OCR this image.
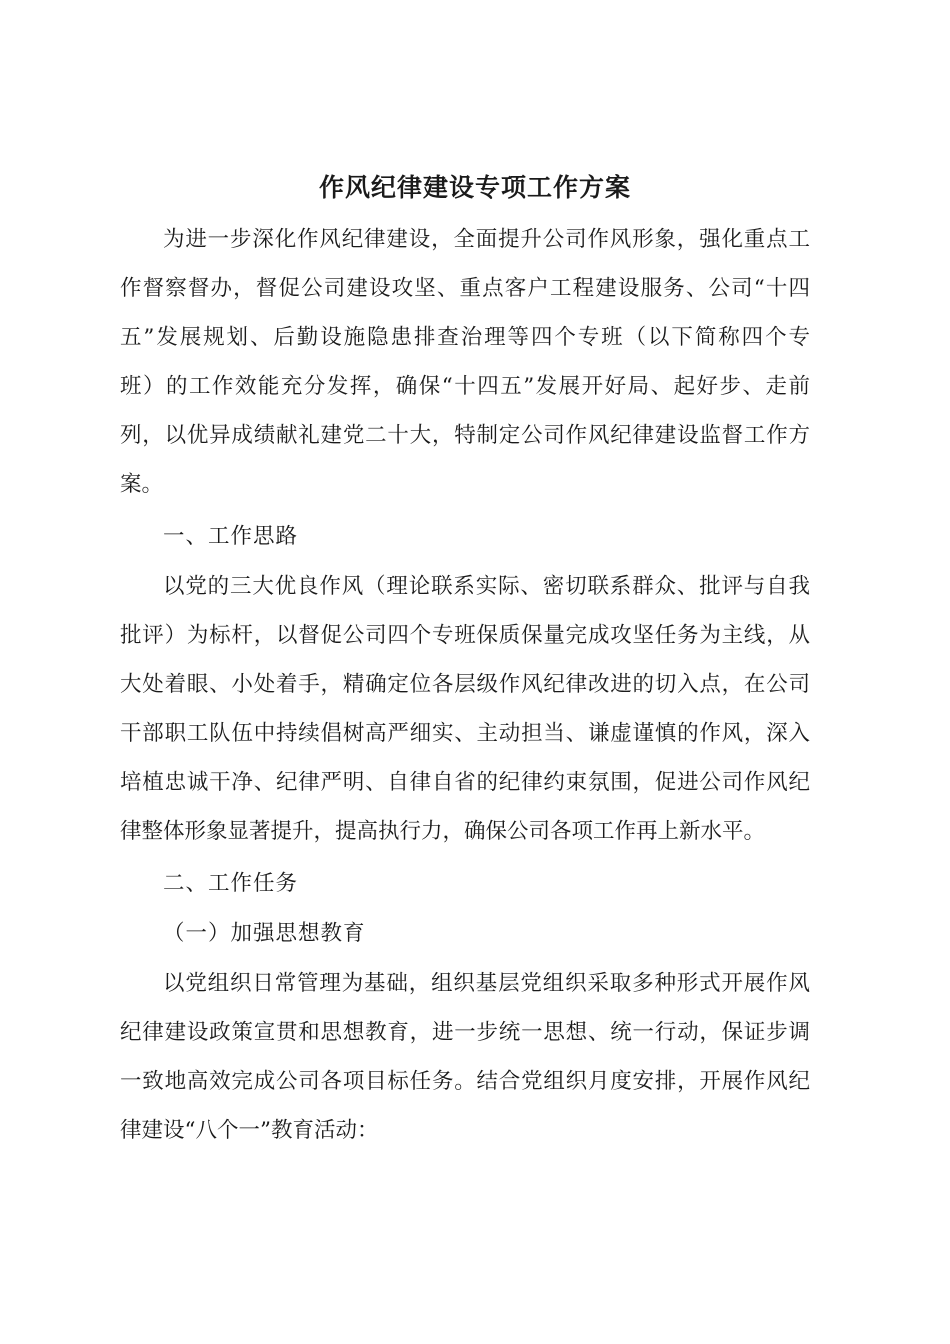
作风纪律建设专项工作方案
为进一步深化作风纪律建设，全面提升公司作风形象，强化重点工
作督察督办，督促公司建设攻坚、重点客户工程建设服务、公司“十四
五”发展规划、后勤设施隐患排查治理等四个专班（以下简称四个专
班）的工作效能充分发挥，确保“十四五”发展开好局、起好步、走前
列，以优异成绩献礼建党二十大，特制定公司作风纪律建设监督工作方
案。
一、工作思路
以党的三大优良作风（理论联系实际、密切联系群众、批评与自我
批评）为标杆，以督促公司四个专班保质保量完成攻坚任务为主线，从
大处着眼、小处着手，精确定位各层级作风纪律改进的切入点，在公司
干部职工队伍中持续倡树高严细实、主动担当、谦虚谨慎的作风，深入
培植忠诚干净、纪律严明、自律自省的纪律约束氛围，促进公司作风纪
律整体形象显著提升，提高执行力，确保公司各项工作再上新水平。
二、工作任务
（一）加强思想教育
以党组织日常管理为基础，组织基层党组织采取多种形式开展作风
纪律建设政策宣贯和思想教育，进一步统一思想、统一行动，保证步调
一致地高效完成公司各项目标任务。结合党组织月度安排，开展作风纪
律建设“八个一”教育活动：
